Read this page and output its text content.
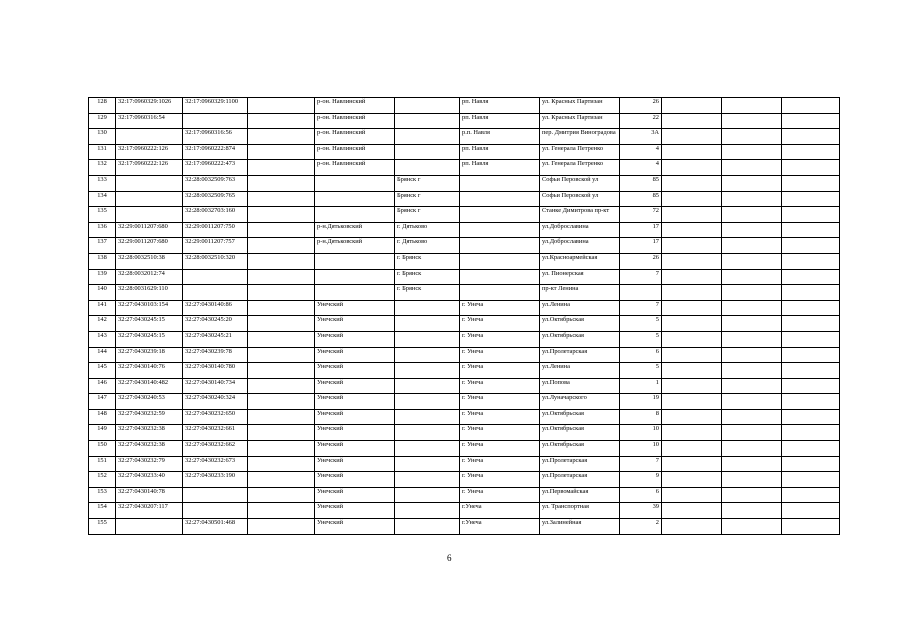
128	32:17:0960329:1026	32:17:0960329:1100		р-он. Навлинский		рп. Навля	ул. Красных Партизан	26			
129	32:17:0960316:54			р-он. Навлинский		рп. Навля	ул. Красных Партизан	22			
130		32:17:0960316:56		р-он. Навлинский		р.п. Навля	пер. Дмитрия Виноградова	3А			
131	32:17:0960222:126	32:17:0960222:874		р-он. Навлинский		рп. Навля	ул. Генерала Петренко	4			
132	32:17:0960222:126	32:17:0960222:473		р-он. Навлинский		рп. Навля	ул. Генерала Петренко	4			
133		32:28:0032509:763			Брянск г		Софьи Перовской ул	85			
134		32:28:0032509:765			Брянск г		Софьи Перовской ул	85			
135		32:28:0032703:160			Брянск г		Станке Димитрова пр-кт	72			
136	32:29:0011207:680	32:29:0011207:750		р-н.Дятьковский	г. Дятьково		ул.Доброславина	17			
137	32:29:0011207:680	32:29:0011207:757		р-н.Дятьковский	г. Дятьково		ул.Доброславина	17			
138	32:28:0032510:38	32:28:0032510:320			г. Брянск		ул.Красноармейская	26			
139	32:28:0032012:74				г. Брянск		ул. Пионерская	7			
140	32:28:0031629:110				г. Брянск		пр-кт Ленина				
141	32:27:0430103:154	32:27:0430140:86		Унечский		г. Унеча	ул.Ленина	7			
142	32:27:0430245:15	32:27:0430245:20		Унечский		г. Унеча	ул.Октябрьская	5			
143	32:27:0430245:15	32:27:0430245:21		Унечский		г. Унеча	ул.Октябрьская	5			
144	32:27:0430239:18	32:27:0430239:78		Унечский		г. Унеча	ул.Пролетарская	6			
145	32:27:0430140:76	32:27:0430140:780		Унечский		г. Унеча	ул.Ленина	5			
146	32:27:0430140:482	32:27:0430140:734		Унечский		г. Унеча	ул.Попова	1			
147	32:27:0430240:53	32:27:0430240:324		Унечский		г. Унеча	ул.Луначарского	19			
148	32:27:0430232:59	32:27:0430232:650		Унечский		г. Унеча	ул.Октябрьская	8			
149	32:27:0430232:38	32:27:0430232:661		Унечский		г. Унеча	ул.Октябрьская	10			
150	32:27:0430232:38	32:27:0430232:662		Унечский		г. Унеча	ул.Октябрьская	10			
151	32:27:0430232:79	32:27:0430232:673		Унечский		г. Унеча	ул.Пролетарская	7			
152	32:27:0430233:40	32:27:0430233:190		Унечский		г. Унеча	ул.Пролетарская	9			
153	32:27:0430140:78			Унечский		г. Унеча	ул.Первомайская	6			
154	32:27:0430207:117			Унечский		г.Унеча	ул. Транспортная	39			
155		32:27:0430501:468		Унечский		г.Унеча	ул.Залинейная	2			
6
